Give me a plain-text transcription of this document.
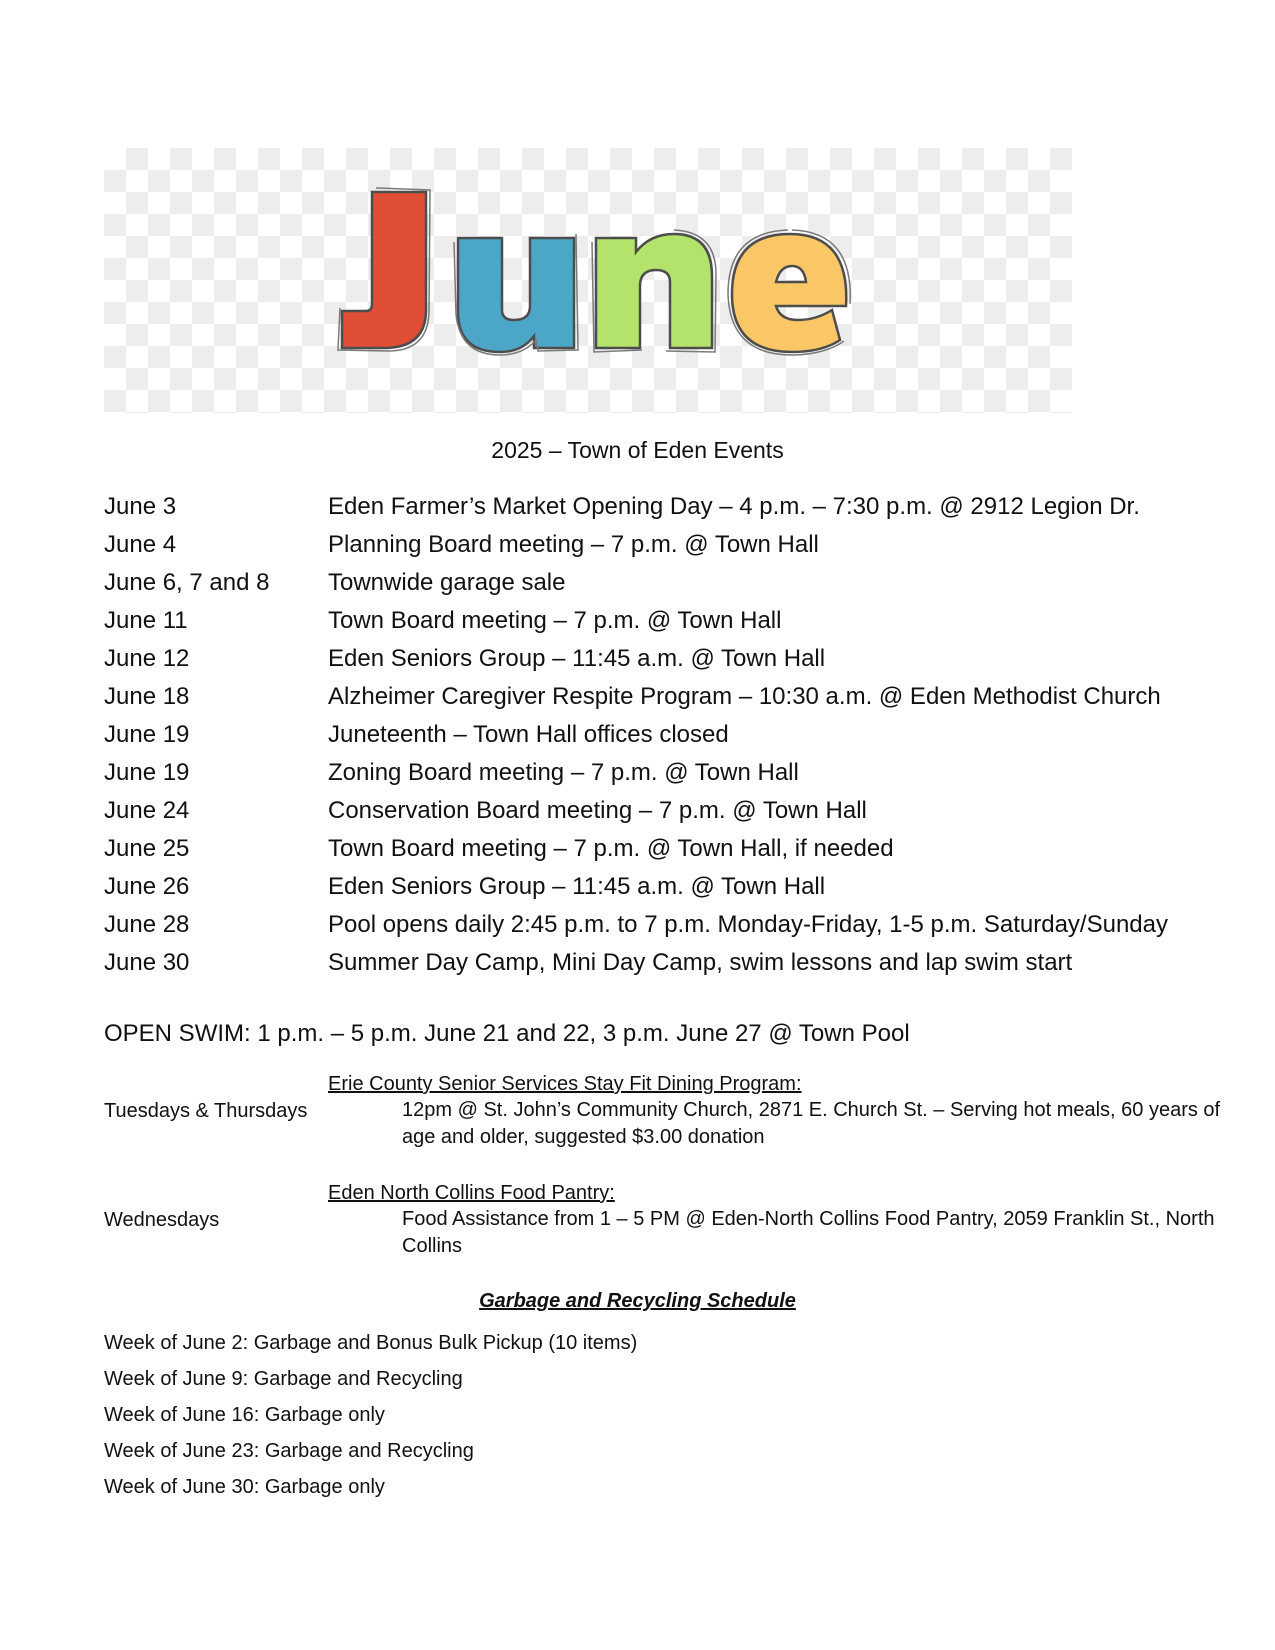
2025 – Town of Eden Events
June 3	Eden Farmer’s Market Opening Day – 4 p.m. – 7:30 p.m. @ 2912 Legion Dr.
June 4	Planning Board meeting – 7 p.m. @ Town Hall
June 6, 7 and 8 Townwide garage sale
June 11	Town Board meeting – 7 p.m. @ Town Hall
June 12	Eden Seniors Group – 11:45 a.m. @ Town Hall
June 18	Alzheimer Caregiver Respite Program – 10:30 a.m. @ Eden Methodist Church
June 19	Juneteenth – Town Hall offices closed
June 19	Zoning Board meeting – 7 p.m. @ Town Hall
June 24	Conservation Board meeting – 7 p.m. @ Town Hall
June 25	Town Board meeting – 7 p.m. @ Town Hall, if needed
June 26	Eden Seniors Group – 11:45 a.m. @ Town Hall
June 28	Pool opens daily 2:45 p.m. to 7 p.m. Monday-Friday, 1-5 p.m. Saturday/Sunday
June 30	Summer Day Camp, Mini Day Camp, swim lessons and lap swim start
OPEN SWIM: 1 p.m. – 5 p.m. June 21 and 22, 3 p.m. June 27 @ Town Pool
Erie County Senior Services Stay Fit Dining Program:
Tuesdays & Thursdays	12pm @ St. John’s Community Church, 2871 E. Church St. – Serving hot meals, 60 years of age and older, suggested $3.00 donation
Eden North Collins Food Pantry:
Wednesdays	Food Assistance from 1 – 5 PM @ Eden-North Collins Food Pantry, 2059 Franklin St., North Collins
Garbage and Recycling Schedule
Week of June 2: Garbage and Bonus Bulk Pickup (10 items)
Week of June 9: Garbage and Recycling
Week of June 16: Garbage only
Week of June 23: Garbage and Recycling
Week of June 30: Garbage only
